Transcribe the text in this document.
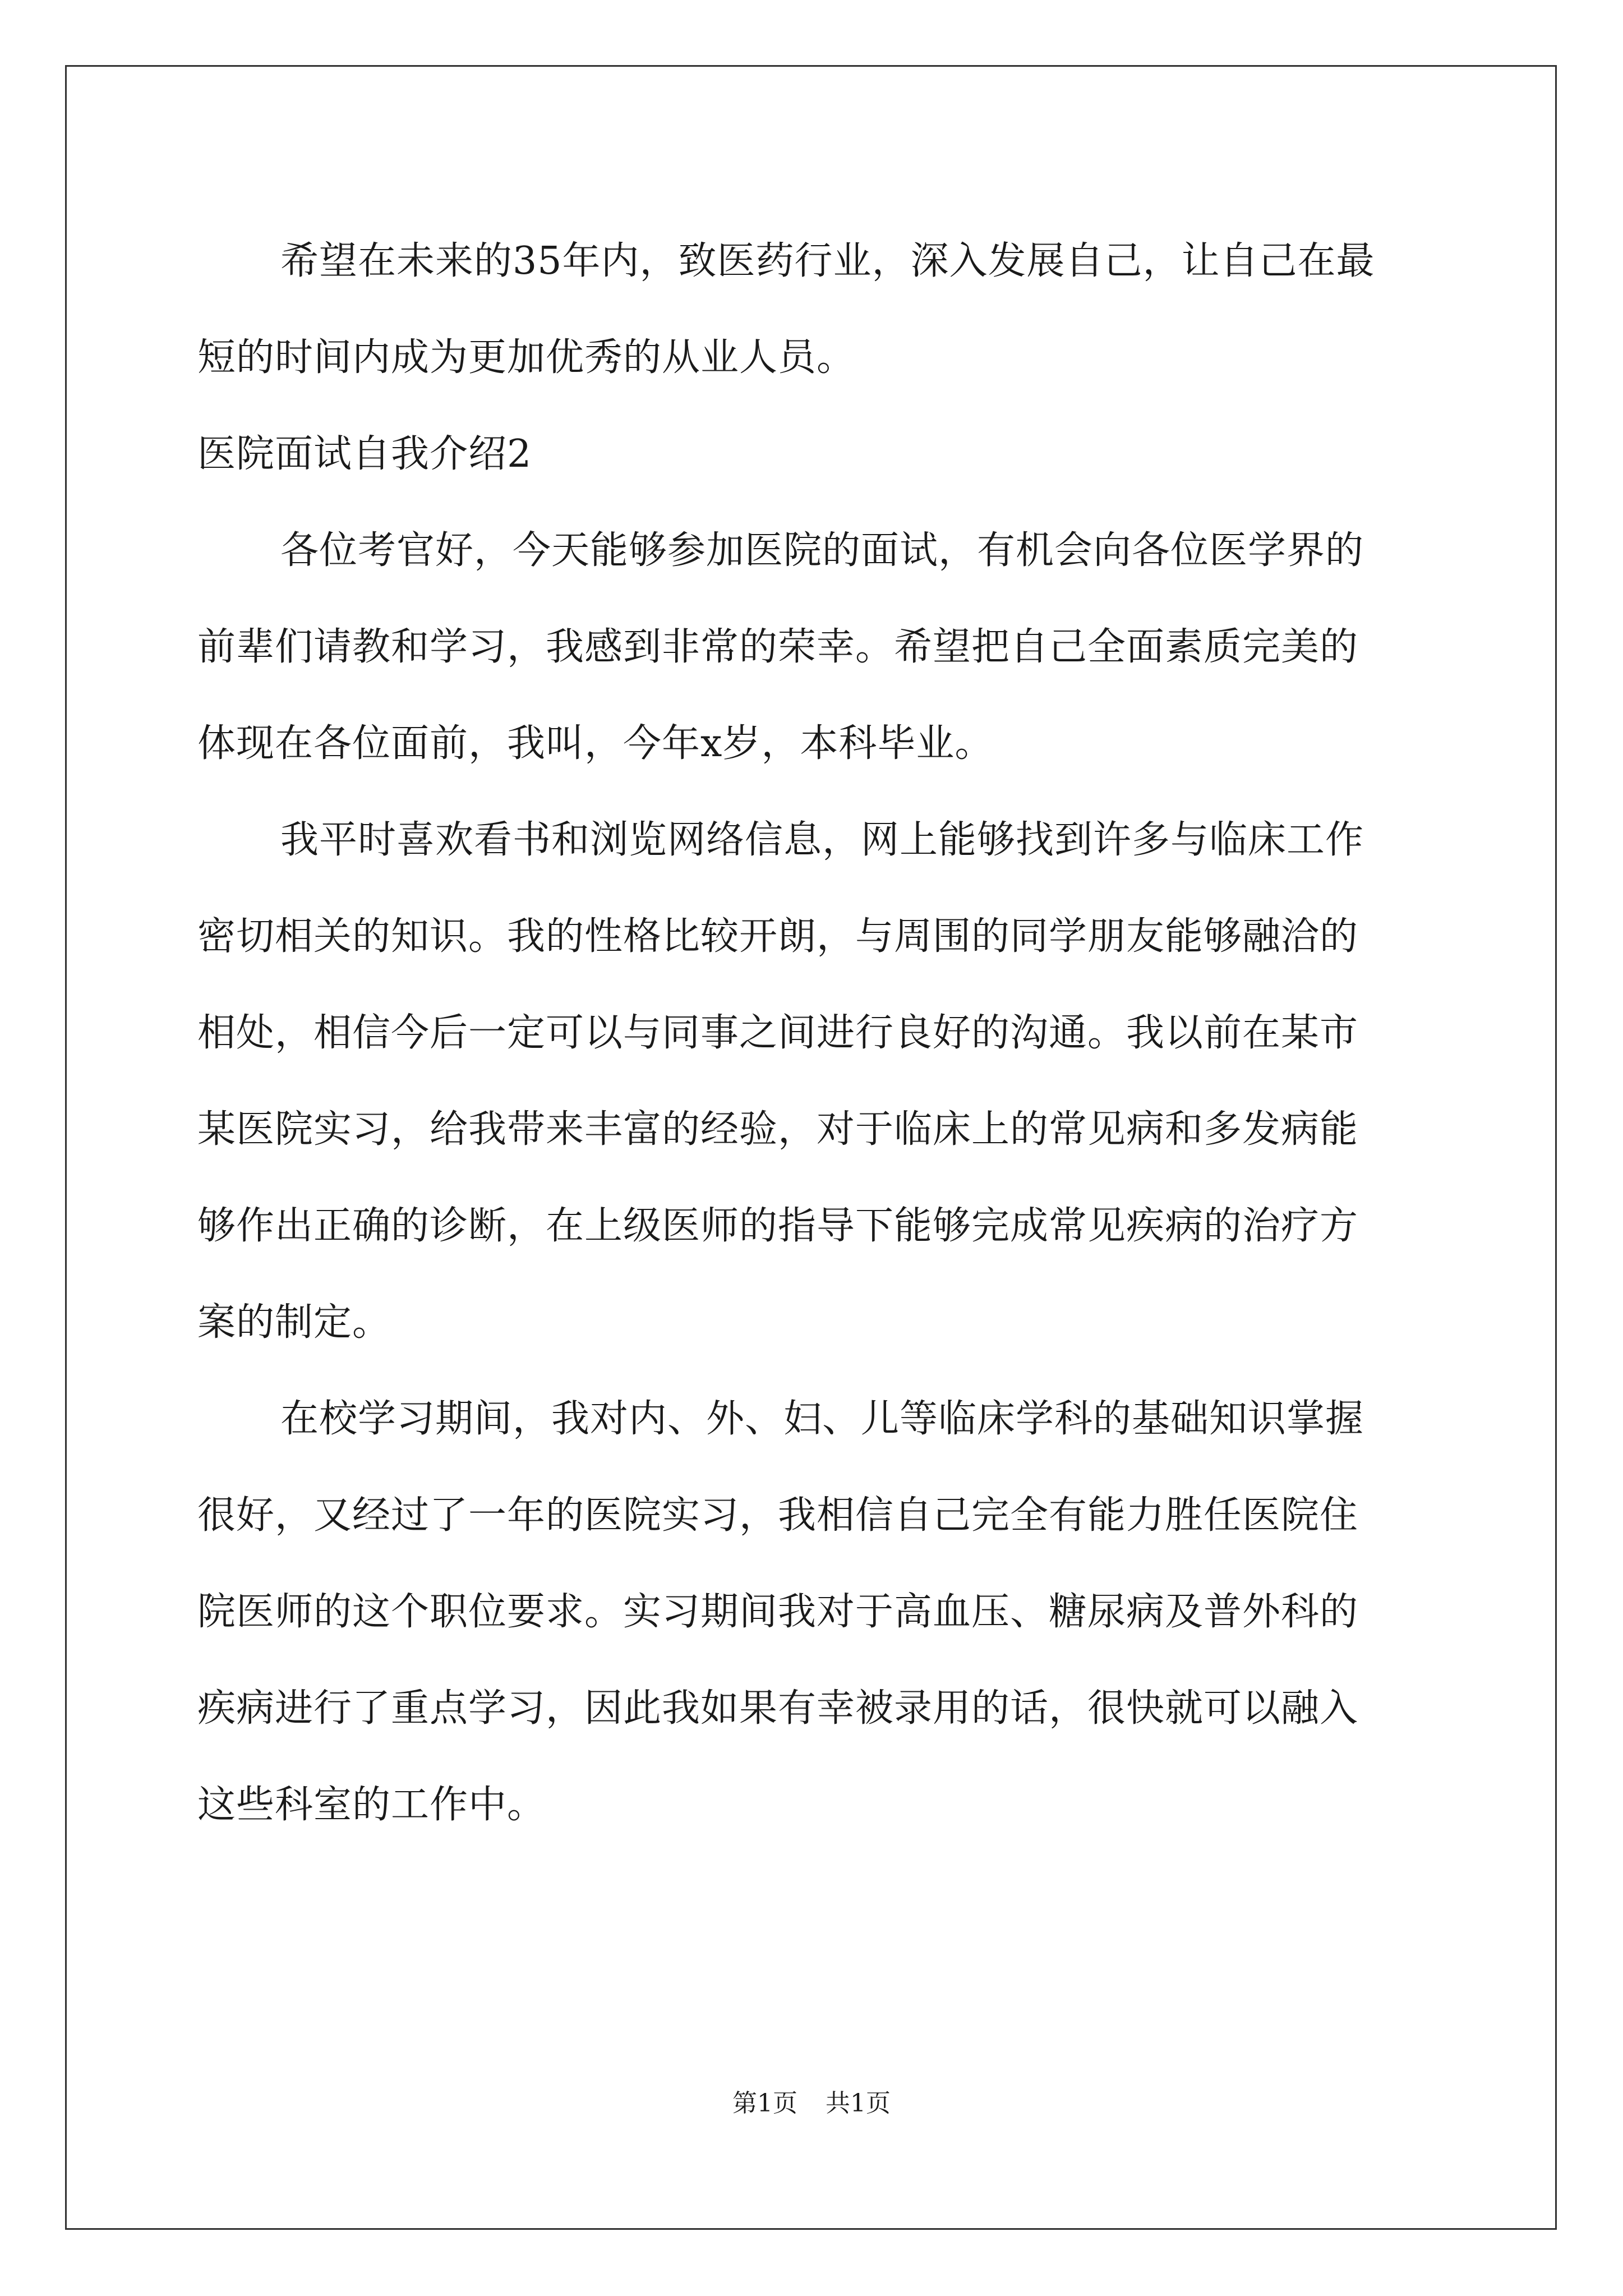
希望在未来的35年内，致医药行业，深入发展自己，让自己在最
短的时间内成为更加优秀的从业人员。
医院面试自我介绍2
各位考官好，今天能够参加医院的面试，有机会向各位医学界的
前辈们请教和学习，我感到非常的荣幸。希望把自己全面素质完美的
体现在各位面前，我叫，今年x岁，本科毕业。
我平时喜欢看书和浏览网络信息，网上能够找到许多与临床工作
密切相关的知识。我的性格比较开朗，与周围的同学朋友能够融洽的
相处，相信今后一定可以与同事之间进行良好的沟通。我以前在某市
某医院实习，给我带来丰富的经验，对于临床上的常见病和多发病能
够作出正确的诊断，在上级医师的指导下能够完成常见疾病的治疗方
案的制定。
在校学习期间，我对内、外、妇、儿等临床学科的基础知识掌握
很好，又经过了一年的医院实习，我相信自己完全有能力胜任医院住
院医师的这个职位要求。实习期间我对于高血压、糖尿病及普外科的
疾病进行了重点学习，因此我如果有幸被录用的话，很快就可以融入
这些科室的工作中。
第1页 共1页
